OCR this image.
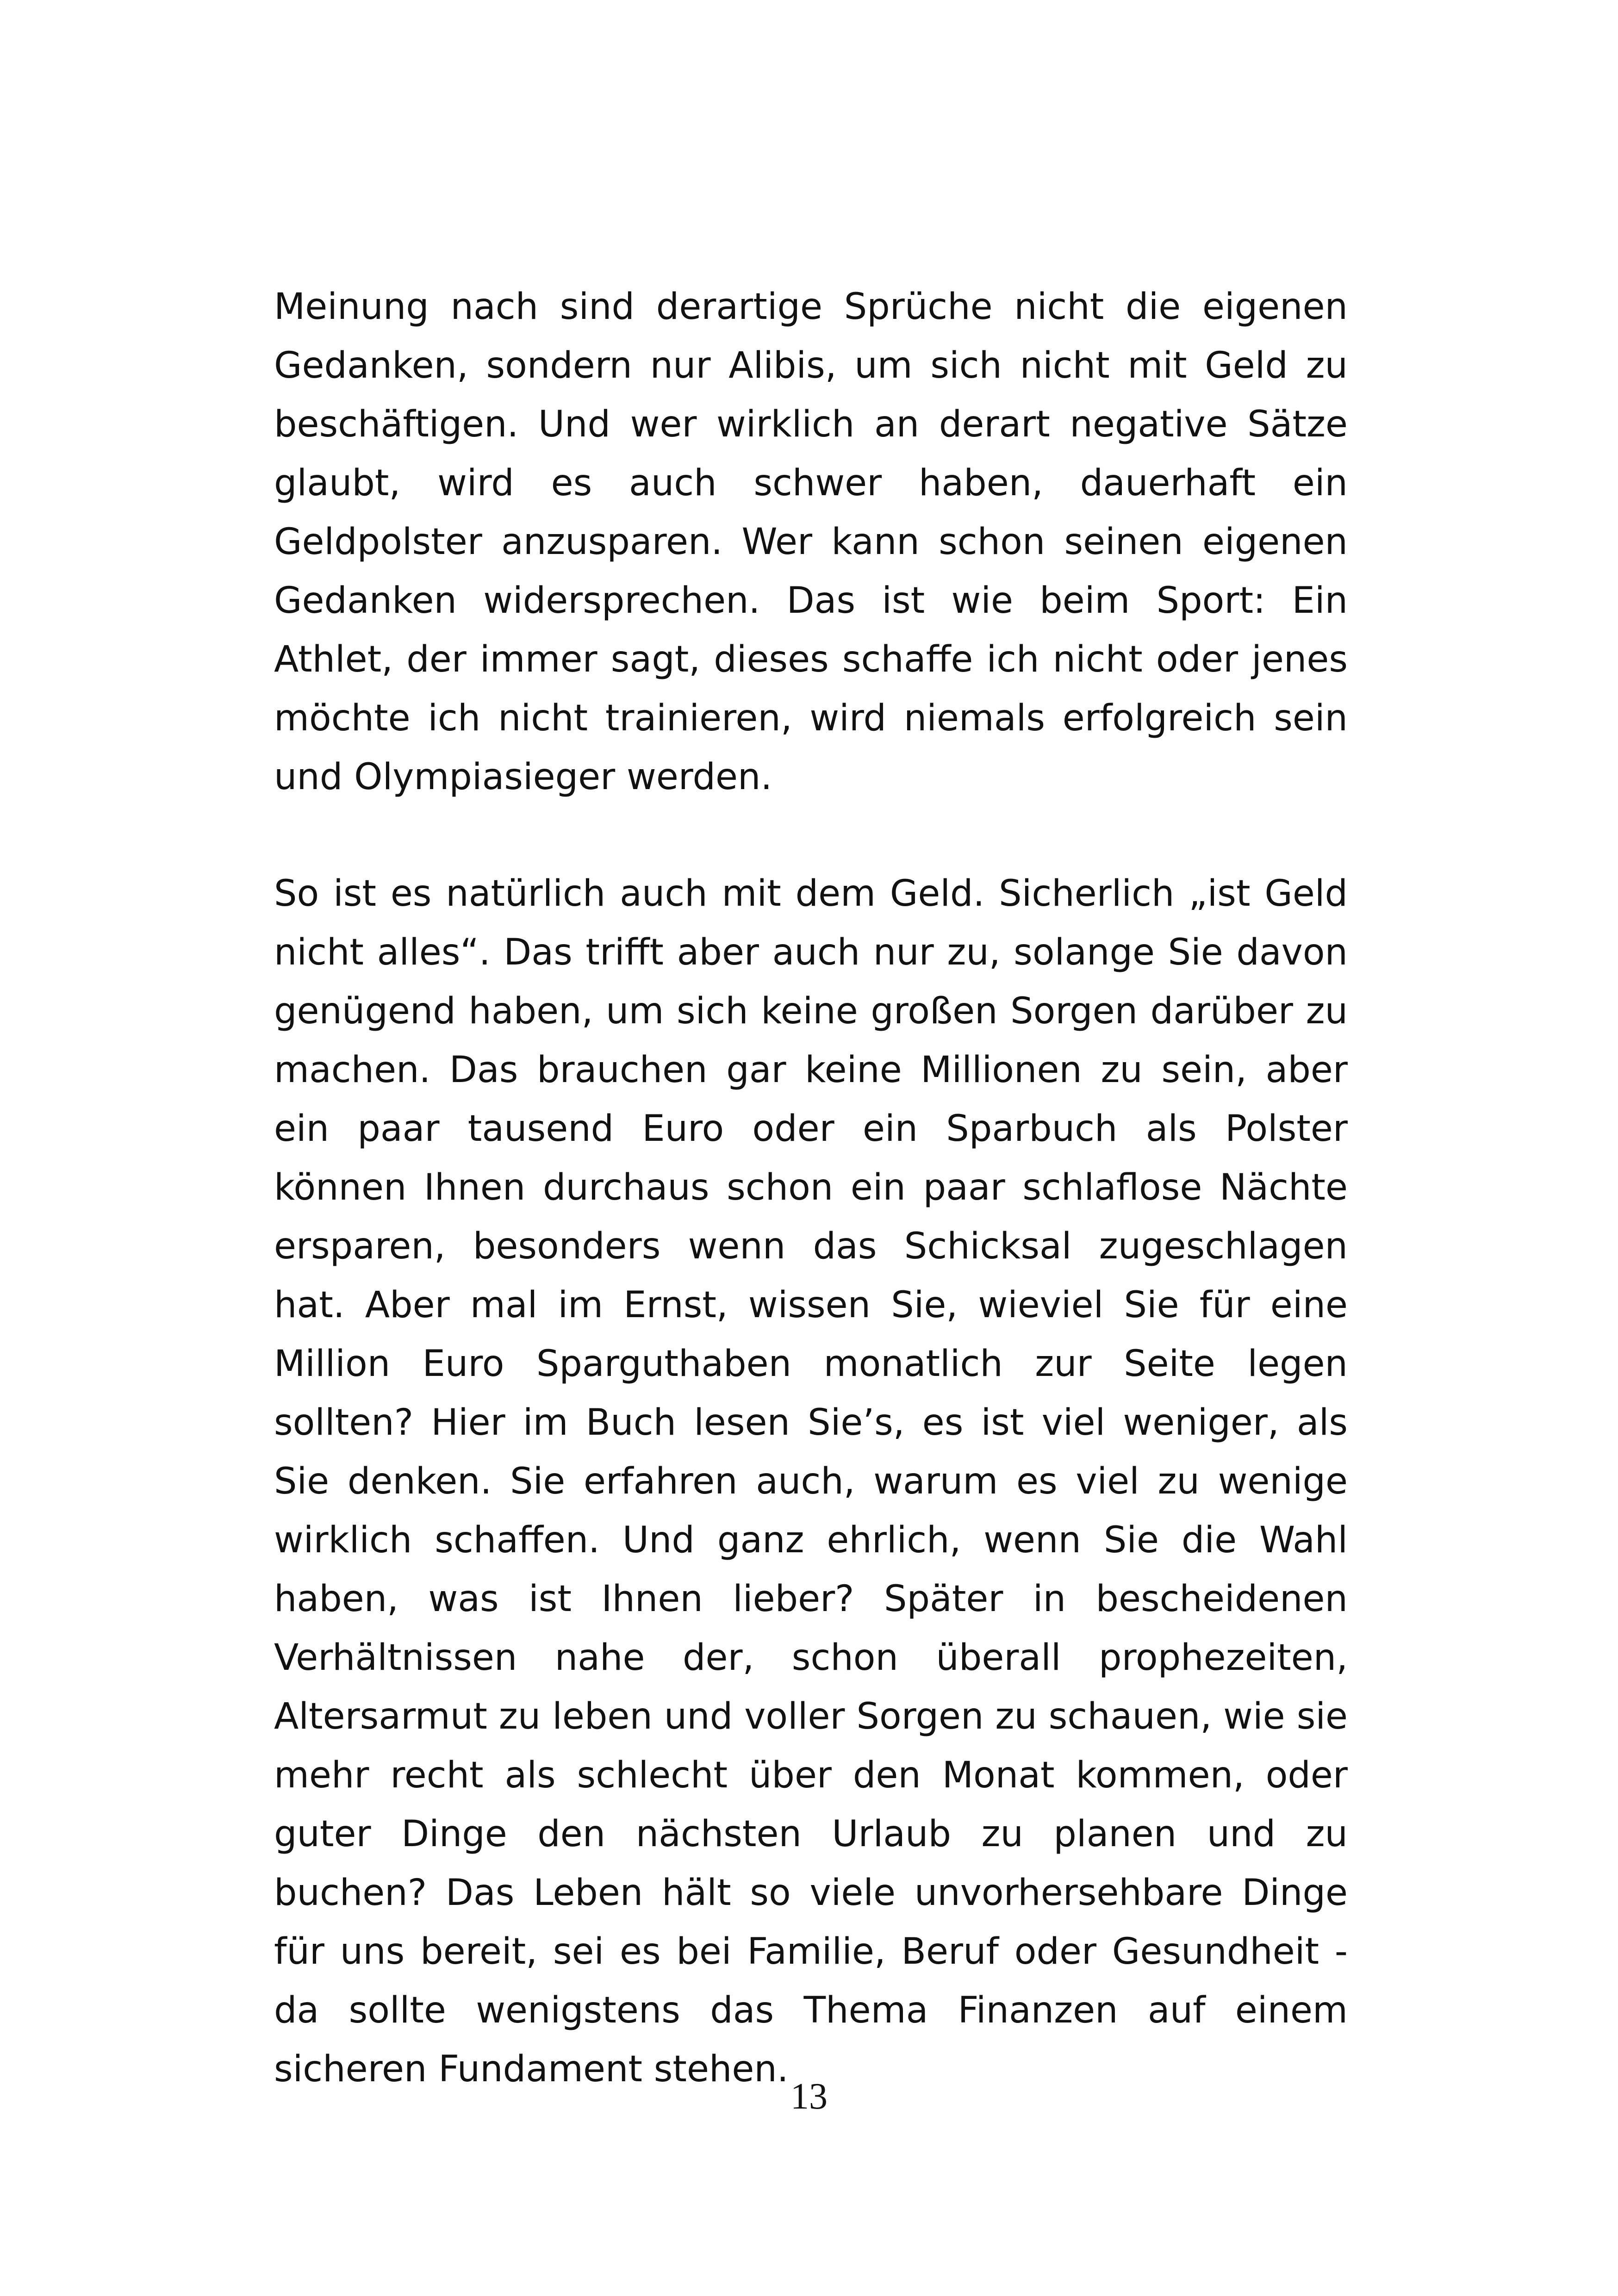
Meinung nach sind derartige Sprüche nicht die eigenen Gedanken, sondern nur Alibis, um sich nicht mit Geld zu beschäftigen. Und wer wirklich an derart negative Sätze glaubt, wird es auch schwer haben, dauerhaft ein Geldpolster anzusparen. Wer kann schon seinen eigenen Gedanken widersprechen. Das ist wie beim Sport: Ein Athlet, der immer sagt, dieses schaffe ich nicht oder jenes möchte ich nicht trainieren, wird niemals erfolgreich sein und Olympiasieger werden.

So ist es natürlich auch mit dem Geld. Sicherlich „ist Geld nicht alles“. Das trifft aber auch nur zu, solange Sie davon genügend haben, um sich keine großen Sorgen darüber zu machen. Das brauchen gar keine Millionen zu sein, aber ein paar tausend Euro oder ein Sparbuch als Polster können Ihnen durchaus schon ein paar schlaflose Nächte ersparen, besonders wenn das Schicksal zugeschlagen hat. Aber mal im Ernst, wissen Sie, wieviel Sie für eine Million Euro Sparguthaben monatlich zur Seite legen sollten? Hier im Buch lesen Sie’s, es ist viel weniger, als Sie denken. Sie erfahren auch, warum es viel zu wenige wirklich schaffen. Und ganz ehrlich, wenn Sie die Wahl haben, was ist Ihnen lieber? Später in bescheidenen Verhältnissen nahe der, schon überall prophezeiten, Altersarmut zu leben und voller Sorgen zu schauen, wie sie mehr recht als schlecht über den Monat kommen, oder guter Dinge den nächsten Urlaub zu planen und zu buchen? Das Leben hält so viele unvorhersehbare Dinge für uns bereit, sei es bei Familie, Beruf oder Gesundheit - da sollte wenigstens das Thema Finanzen auf einem sicheren Fundament stehen.

13
